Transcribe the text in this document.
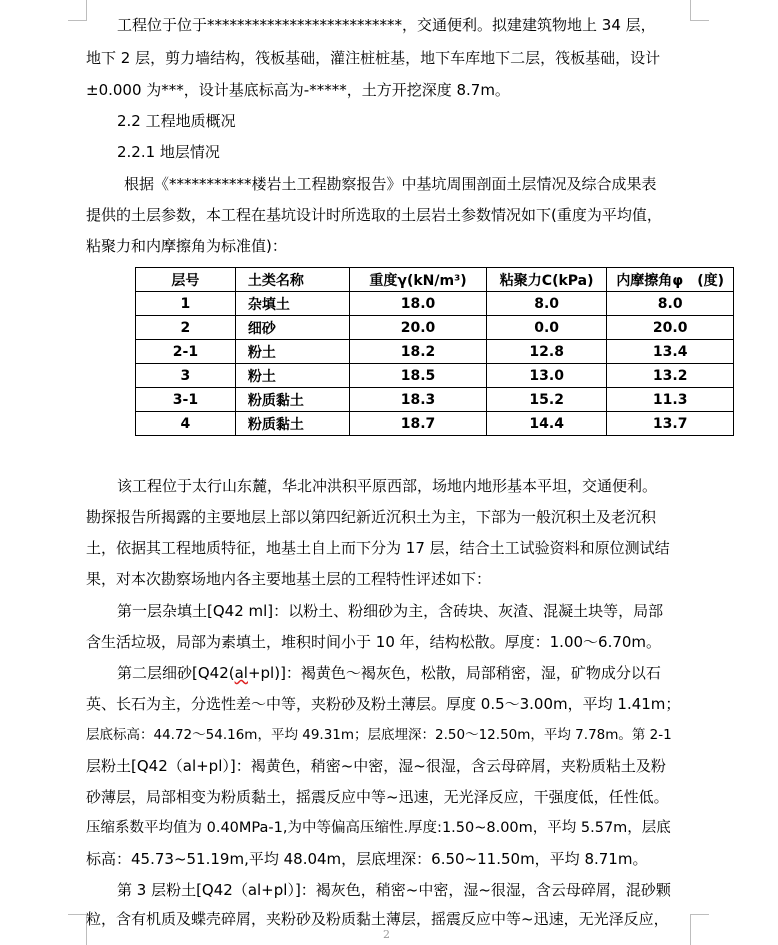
工程位于位于**************************，交通便利。拟建建筑物地上 34 层，
地下 2 层，剪力墙结构，筏板基础，灌注桩桩基，地下车库地下二层，筏板基础，设计
±0.000 为***，设计基底标高为-*****，土方开挖深度 8.7m。
2.2 工程地质概况
2.2.1 地层情况
根据《***********楼岩土工程勘察报告》中基坑周围剖面土层情况及综合成果表
提供的土层参数，本工程在基坑设计时所选取的土层岩土参数情况如下(重度为平均值，
粘聚力和内摩擦角为标准值)：
层号	土类名称	重度γ(kN/m³)	粘聚力C(kPa)	内摩擦角φ　(度)
1	杂填土	18.0	8.0	8.0
2	细砂	20.0	0.0	20.0
2-1	粉土	18.2	12.8	13.4
3	粉土	18.5	13.0	13.2
3-1	粉质黏土	18.3	15.2	11.3
4	粉质黏土	18.7	14.4	13.7
该工程位于太行山东麓，华北冲洪积平原西部，场地内地形基本平坦，交通便利。
勘探报告所揭露的主要地层上部以第四纪新近沉积土为主，下部为一般沉积土及老沉积
土，依据其工程地质特征，地基土自上而下分为 17 层，结合土工试验资料和原位测试结
果，对本次勘察场地内各主要地基土层的工程特性评述如下：
第一层杂填土[Q42 ml]：以粉土、粉细砂为主，含砖块、灰渣、混凝土块等，局部
含生活垃圾，局部为素填土，堆积时间小于 10 年，结构松散。厚度：1.00～6.70m。
第二层细砂[Q42(al+pl)]：褐黄色～褐灰色，松散，局部稍密，湿，矿物成分以石
英、长石为主，分选性差～中等，夹粉砂及粉土薄层。厚度 0.5～3.00m，平均 1.41m；
层底标高：44.72～54.16m，平均 49.31m；层底埋深：2.50～12.50m，平均 7.78m。第 2-1
层粉土[Q42（al+pl）]：褐黄色，稍密~中密，湿~很湿，含云母碎屑，夹粉质粘土及粉
砂薄层，局部相变为粉质黏土，摇震反应中等~迅速，无光泽反应，干强度低，任性低。
压缩系数平均值为 0.40MPa-1,为中等偏高压缩性.厚度:1.50~8.00m，平均 5.57m，层底
标高：45.73~51.19m,平均 48.04m，层底埋深：6.50~11.50m，平均 8.71m。
第 3 层粉土[Q42（al+pl）]：褐灰色，稍密~中密，湿~很湿，含云母碎屑，混砂颗
粒，含有机质及蝶壳碎屑，夹粉砂及粉质黏土薄层，摇震反应中等~迅速，无光泽反应，
2
